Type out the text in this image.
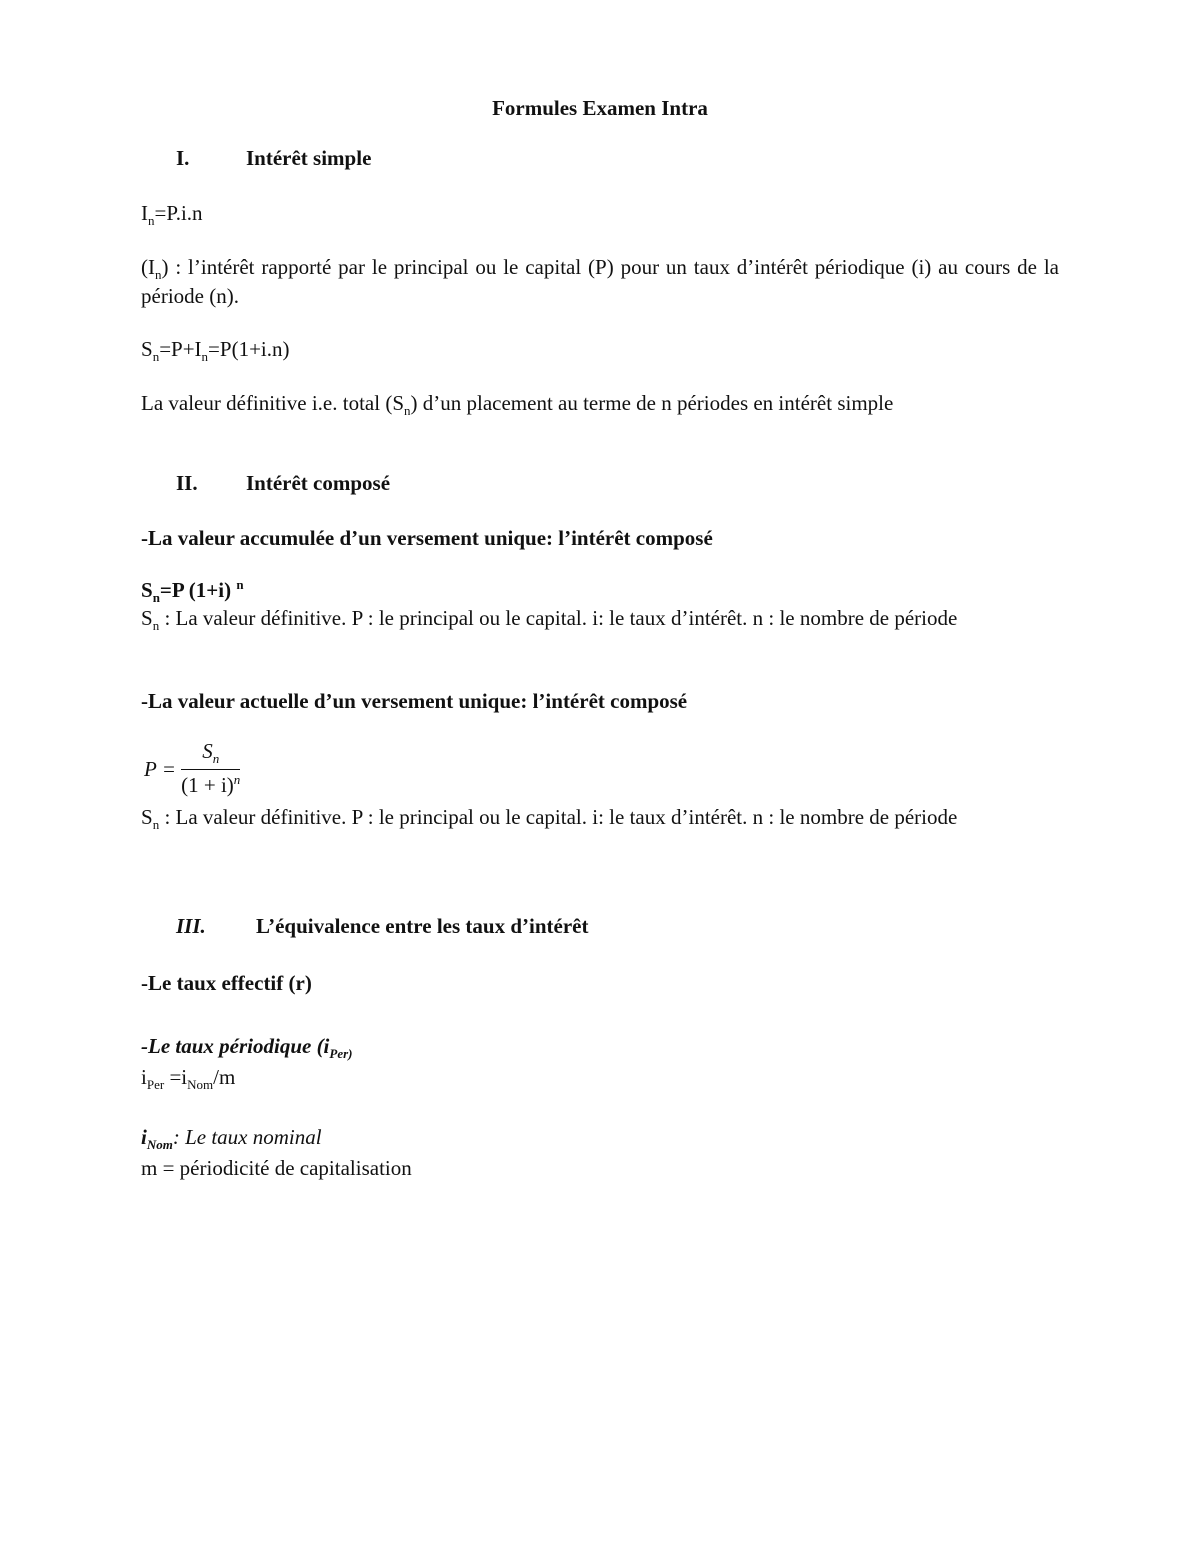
Formules Examen Intra
I.	Intérêt simple
$I_n=P.i.n$
$(I_n)$ : l’intérêt rapporté par le principal ou le capital (P) pour un taux d’intérêt périodique (i) au cours de la période (n).
$S_n=P+I_n=P(1+i.n)$
La valeur définitive i.e. total $(S_n)$ d’un placement au terme de n périodes en intérêt simple
II. Intérêt composé
-La valeur accumulée d’un versement unique: l’intérêt composé
$S_n=P$ (1+i) $^n$
$S_n$ : La valeur définitive. P : le principal ou le capital. i: le taux d’intérêt. n : le nombre de période
-La valeur actuelle d’un versement unique: l’intérêt composé
$P = \frac{S_n}{(1 + i)^n}$
$S_n$ : La valeur définitive. P : le principal ou le capital. i: le taux d’intérêt. n : le nombre de période
III. L’équivalence entre les taux d’intérêt
-Le taux effectif (r)
-Le taux périodique ($i_{Per)}$
$i_{Per} =i_{Nom}/m$
$i_{Nom}$: Le taux nominal
m = périodicité de capitalisation
